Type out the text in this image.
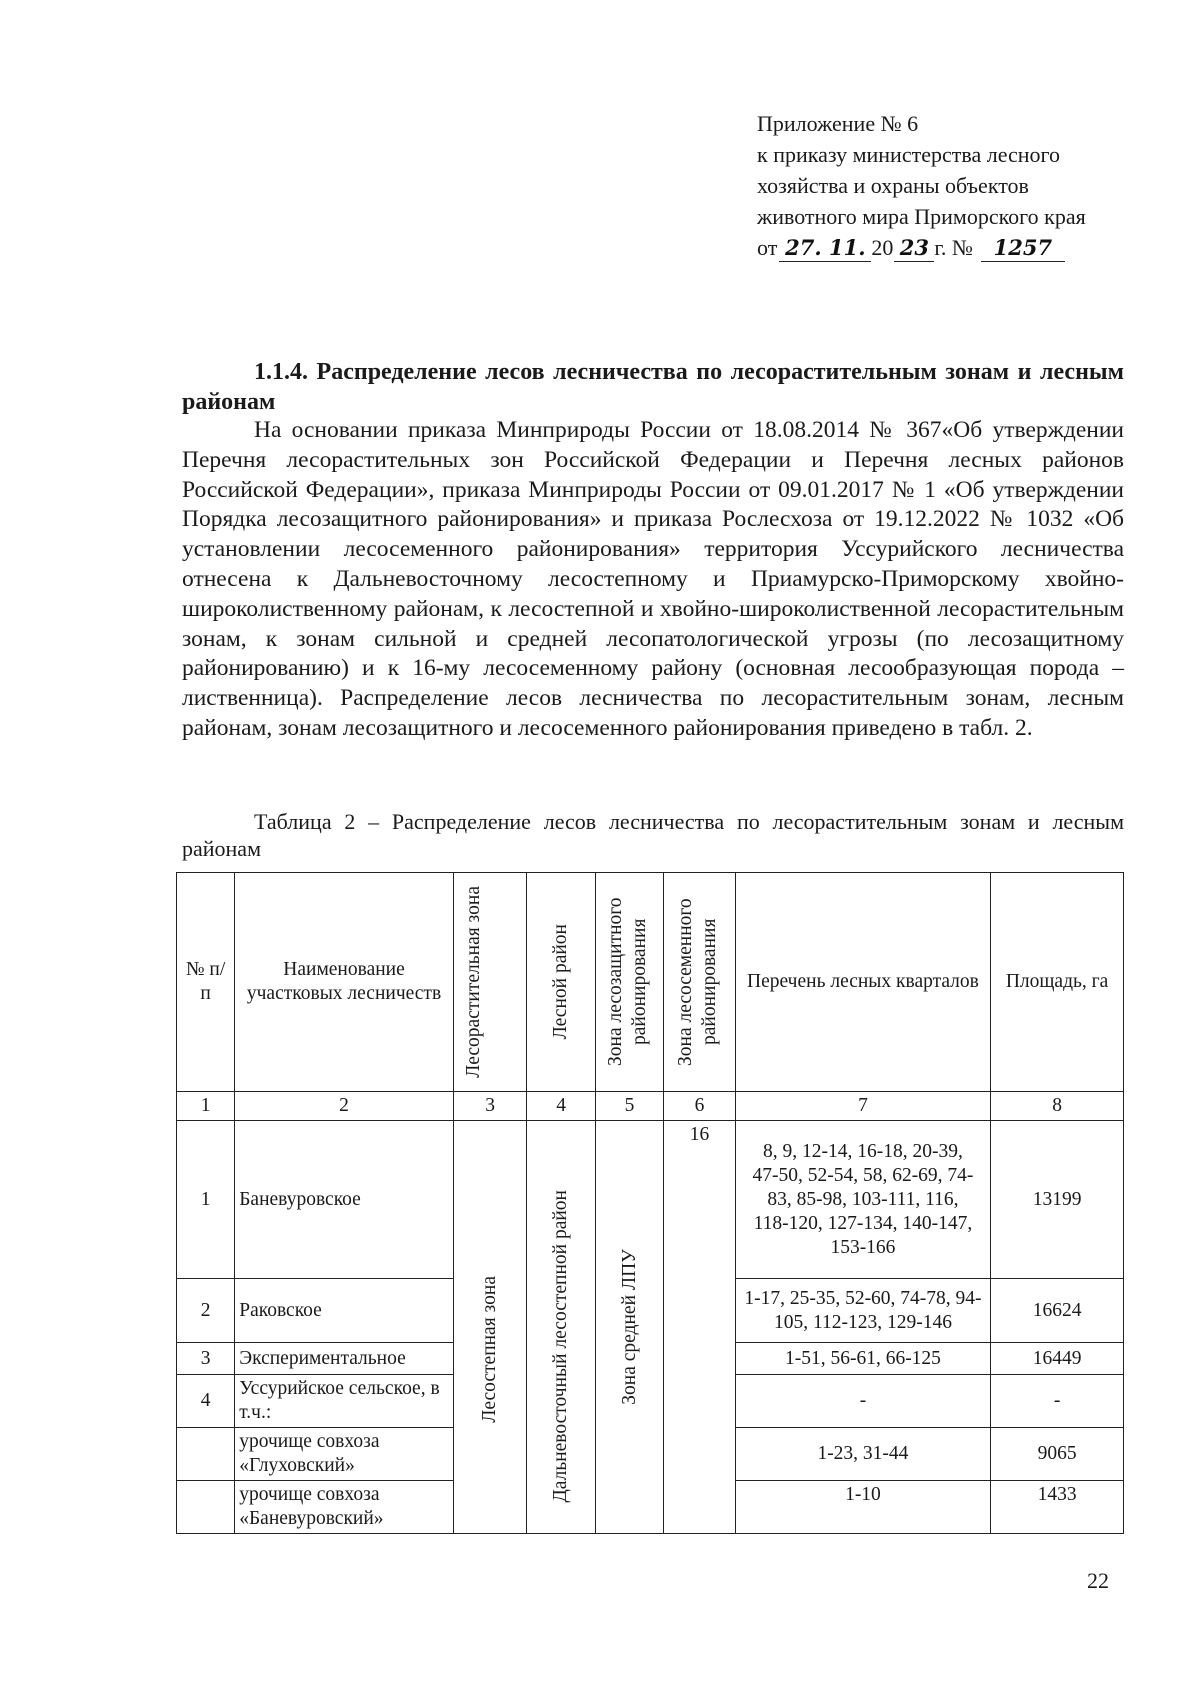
Приложение № 6
к приказу министерства лесного
хозяйства и охраны объектов
животного мира Приморского края
от 27. 11. 20 23 г. № 1257
1.1.4. Распределение лесов лесничества по лесорастительным зонам и лесным районам
На основании приказа Минприроды России от 18.08.2014 № 367«Об утверждении Перечня лесорастительных зон Российской Федерации и Перечня лесных районов Российской Федерации», приказа Минприроды России от 09.01.2017 № 1 «Об утверждении Порядка лесозащитного районирования» и приказа Рослесхоза от 19.12.2022 № 1032 «Об установлении лесосеменного районирования» территория Уссурийского лесничества отнесена к Дальневосточному лесостепному и Приамурско-Приморскому хвойно-широколиственному районам, к лесостепной и хвойно-широколиственной лесорастительным зонам, к зонам сильной и средней лесопатологической угрозы (по лесозащитному районированию) и к 16-му лесосеменному району (основная лесообразующая порода – лиственница). Распределение лесов лесничества по лесорастительным зонам, лесным районам, зонам лесозащитного и лесосеменного районирования приведено в табл. 2.
Таблица 2 – Распределение лесов лесничества по лесорастительным зонам и лесным районам
№ п/п	Наименование участковых лесничеств	Лесорастительная зона	Лесной район	Зона лесозащитного районирования	Зона лесосеменного районирования	Перечень лесных кварталов	Площадь, га
1	2	3	4	5	6	7	8
1	Баневуровское	Лесостепная зона	Дальневосточный лесостепной район	Зона средней ЛПУ	16	8, 9, 12-14, 16-18, 20-39, 47-50, 52-54, 58, 62-69, 74-83, 85-98, 103-111, 116, 118-120, 127-134, 140-147, 153-166	13199
2	Раковское					1-17, 25-35, 52-60, 74-78, 94-105, 112-123, 129-146	16624
3	Экспериментальное					1-51, 56-61, 66-125	16449
4	Уссурийское сельское, в т.ч.:					-	-
	урочище совхоза «Глуховский»					1-23, 31-44	9065
	урочище совхоза «Баневуровский»					1-10	1433
22
